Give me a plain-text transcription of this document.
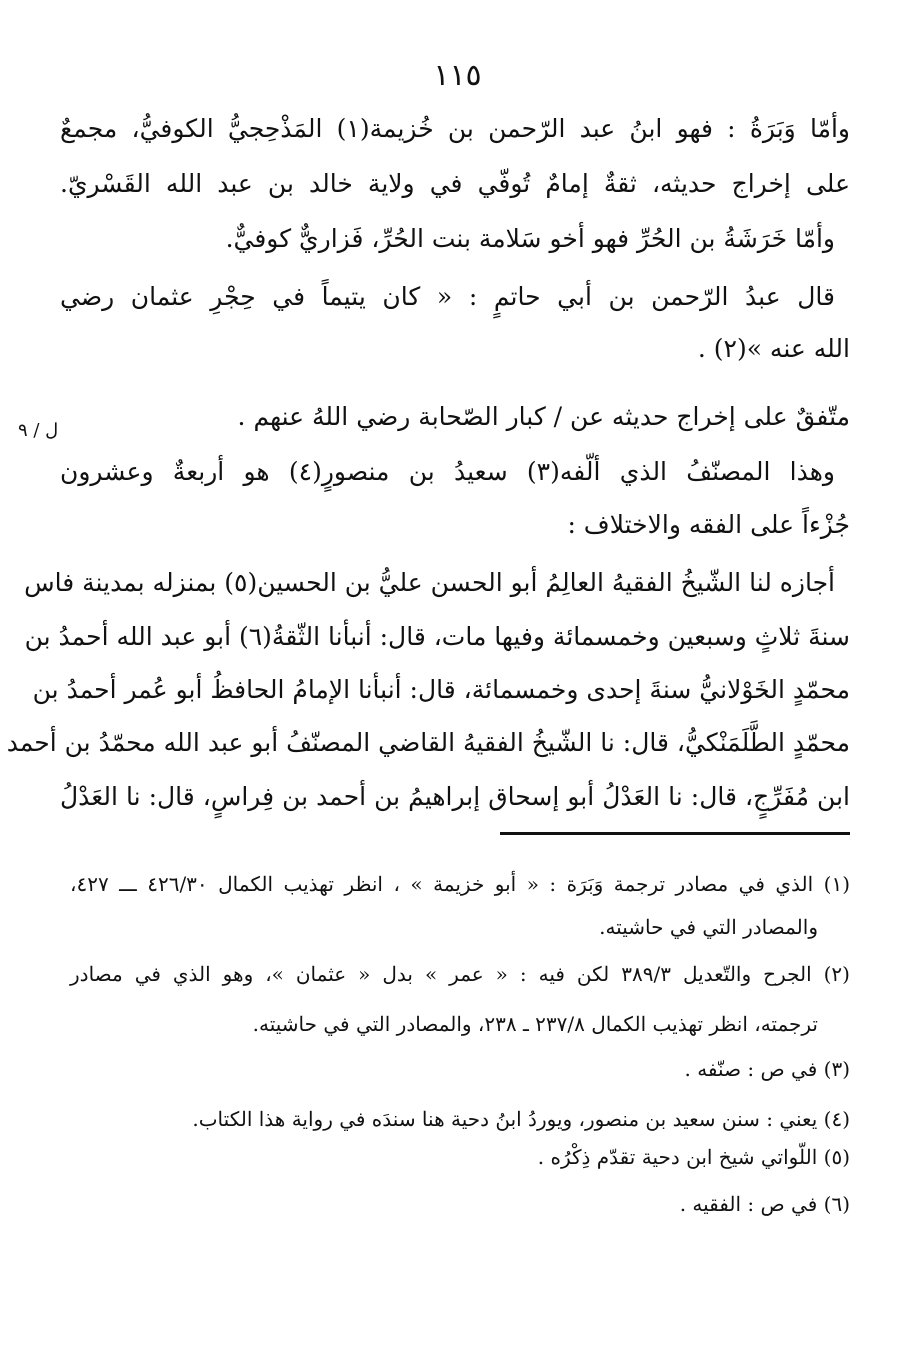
١١٥
ل / ٩
وأمّا وَبَرَةُ : فهو ابنُ عبد الرّحمن بن خُزيمة(١) المَذْحِجيُّ الكوفيُّ، مجمعٌ
على إخراج حديثه، ثقةٌ إمامٌ تُوفّي في ولاية خالد بن عبد الله القَسْريّ.
وأمّا خَرَشَةُ بن الحُرِّ فهو أخو سَلامة بنت الحُرِّ، فَزاريٌّ كوفيٌّ.
قال عبدُ الرّحمن بن أبي حاتمٍ : « كان يتيماً في حِجْرِ عثمان رضي
الله عنه »(٢) .
متّفقٌ على إخراج حديثه عن / كبار الصّحابة رضي اللهُ عنهم .
وهذا المصنّفُ الذي ألّفه(٣) سعيدُ بن منصورٍ(٤) هو أربعةٌ وعشرون
جُزْءاً على الفقه والاختلاف :
أجازه لنا الشّيخُ الفقيهُ العالِمُ أبو الحسن عليُّ بن الحسين(٥) بمنزله بمدينة فاس
سنةَ ثلاثٍ وسبعين وخمسمائة وفيها مات، قال: أنبأنا الثّقةُ(٦) أبو عبد الله أحمدُ بن
محمّدٍ الخَوْلانيُّ سنةَ إحدى وخمسمائة، قال: أنبأنا الإمامُ الحافظُ أبو عُمر أحمدُ بن
محمّدٍ الطَّلَمَنْكيُّ، قال: نا الشّيخُ الفقيهُ القاضي المصنّفُ أبو عبد الله محمّدُ بن أحمد
ابن مُفَرِّجٍ، قال: نا العَدْلُ أبو إسحاق إبراهيمُ بن أحمد بن فِراسٍ، قال: نا العَدْلُ
(١) الذي في مصادر ترجمة وَبَرَة : « أبو خزيمة » ، انظر تهذيب الكمال ٤٢٦/٣٠ ـــ ٤٢٧،
والمصادر التي في حاشيته.
(٢) الجرح والتّعديل ٣٨٩/٣ لكن فيه : « عمر » بدل « عثمان »، وهو الذي في مصادر
ترجمته، انظر تهذيب الكمال ٢٣٧/٨ ـ ٢٣٨، والمصادر التي في حاشيته.
(٣) في ص : صنّفه .
(٤) يعني : سنن سعيد بن منصور، ويوردُ ابنُ دحية هنا سندَه في رواية هذا الكتاب.
(٥) اللّواتي شيخ ابن دحية تقدّم ذِكْرُه .
(٦) في ص : الفقيه .
